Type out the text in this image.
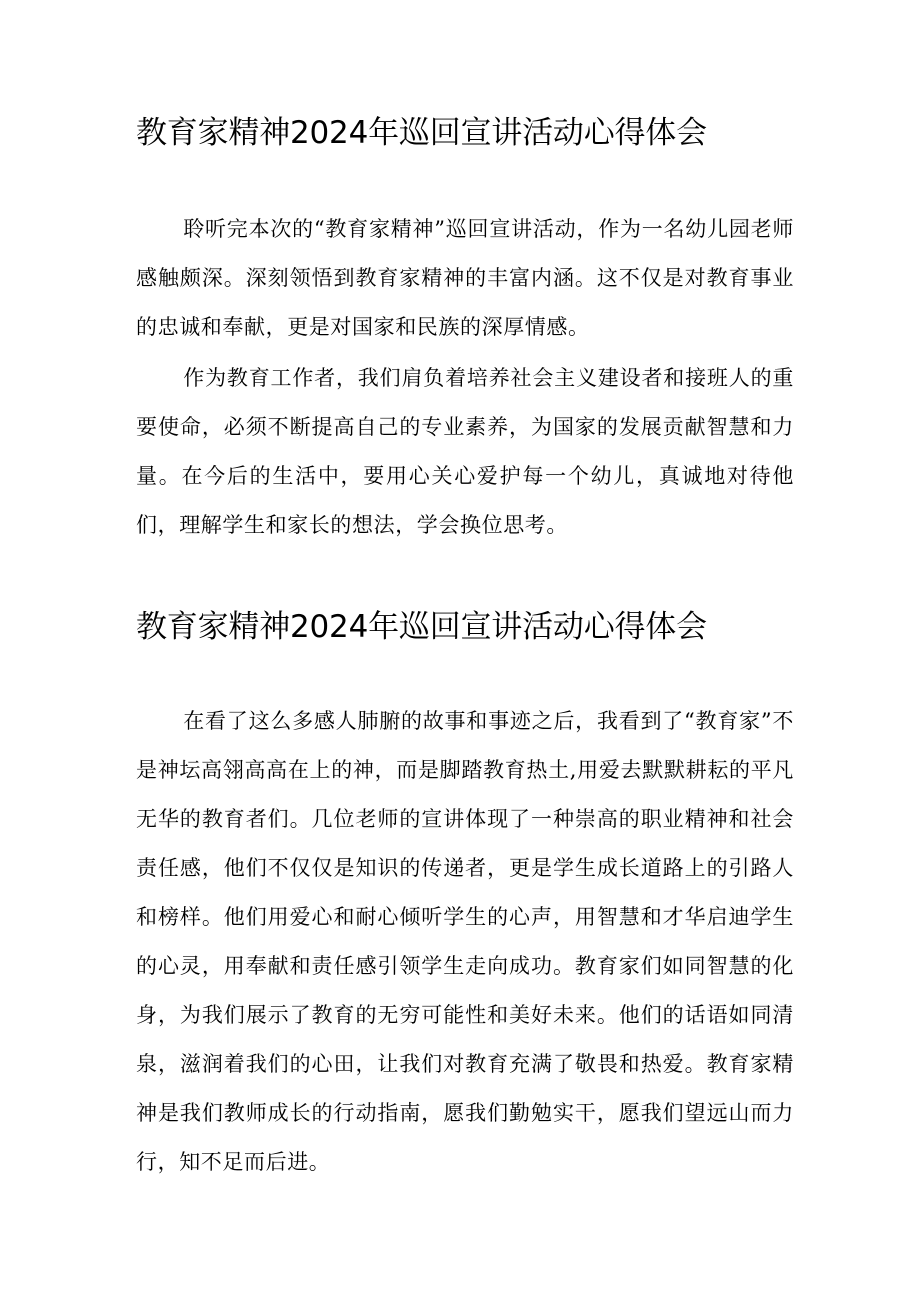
教育家精神2024年巡回宣讲活动心得体会

聆听完本次的“教育家精神”巡回宣讲活动，作为一名幼儿园老师感触颇深。深刻领悟到教育家精神的丰富内涵。这不仅是对教育事业的忠诚和奉献，更是对国家和民族的深厚情感。

作为教育工作者，我们肩负着培养社会主义建设者和接班人的重要使命，必须不断提高自己的专业素养，为国家的发展贡献智慧和力量。在今后的生活中，要用心关心爱护每一个幼儿，真诚地对待他们，理解学生和家长的想法，学会换位思考。

教育家精神2024年巡回宣讲活动心得体会

在看了这么多感人肺腑的故事和事迹之后，我看到了“教育家”不是神坛高翎高高在上的神，而是脚踏教育热土,用爱去默默耕耘的平凡无华的教育者们。几位老师的宣讲体现了一种崇高的职业精神和社会责任感，他们不仅仅是知识的传递者，更是学生成长道路上的引路人和榜样。他们用爱心和耐心倾听学生的心声，用智慧和才华启迪学生的心灵，用奉献和责任感引领学生走向成功。教育家们如同智慧的化身，为我们展示了教育的无穷可能性和美好未来。他们的话语如同清泉，滋润着我们的心田，让我们对教育充满了敬畏和热爱。教育家精神是我们教师成长的行动指南，愿我们勤勉实干，愿我们望远山而力行，知不足而后进。
